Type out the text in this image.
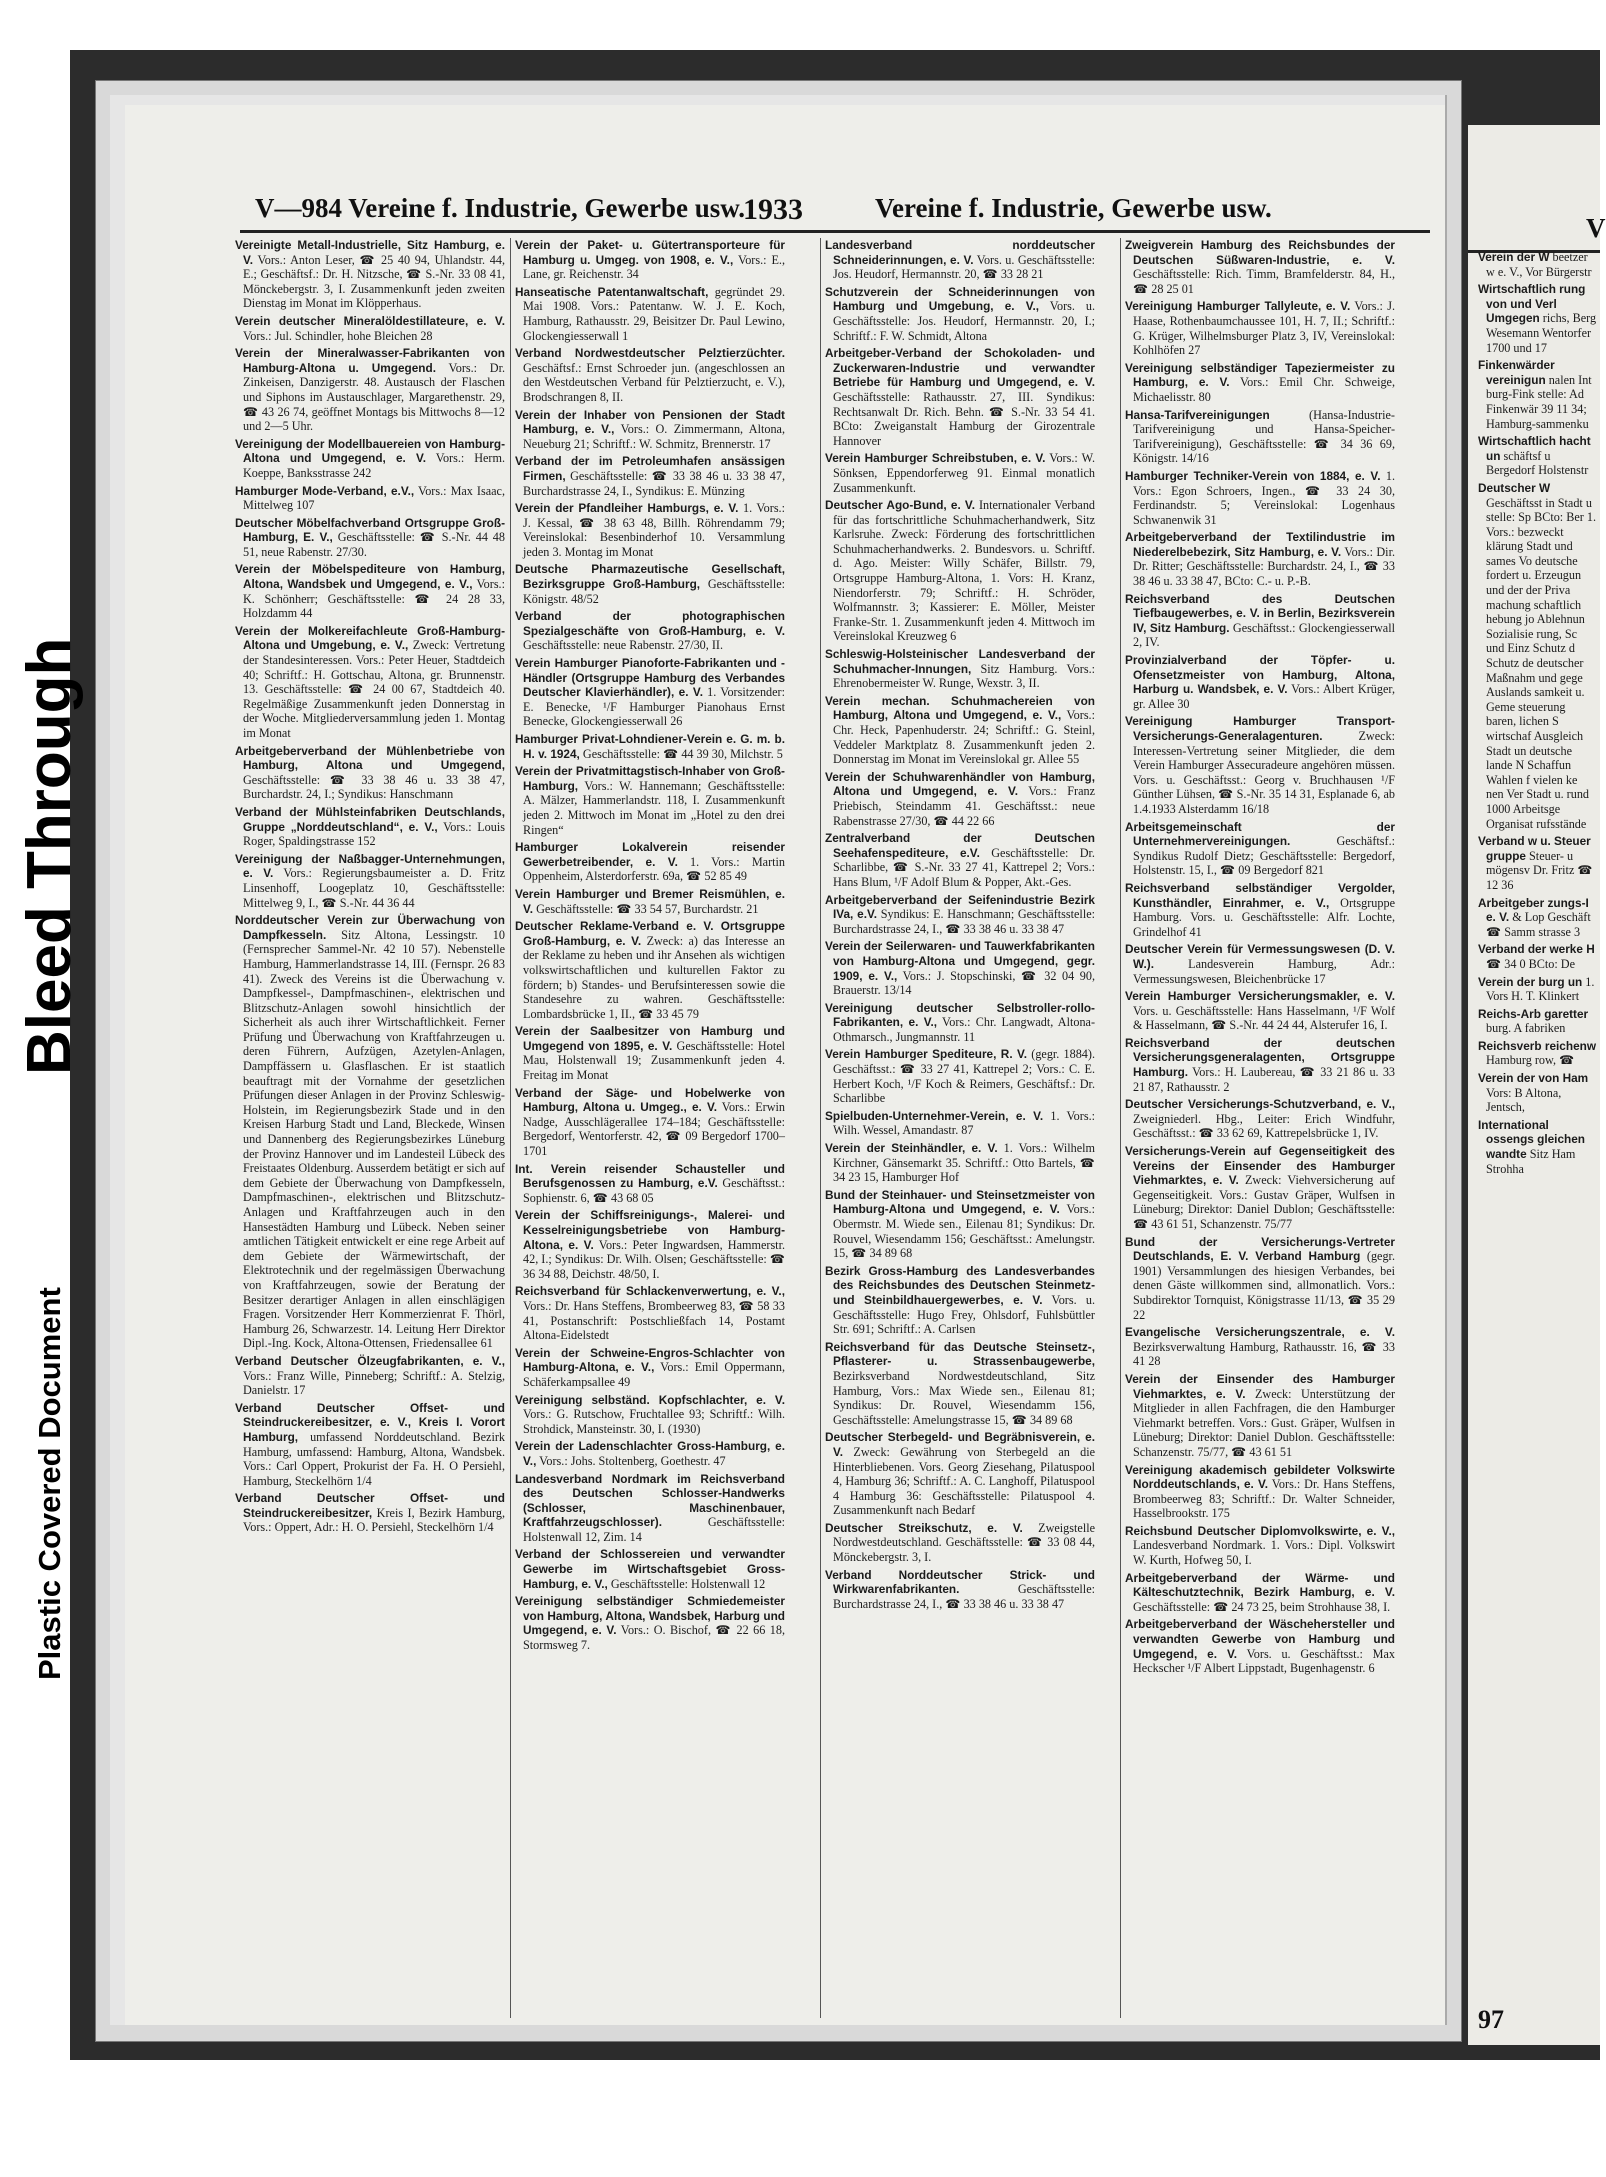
V—984 Vereine f. Industrie, Gewerbe usw.
1933	Vereine f. Industrie, Gewerbe usw.
Vereinigte Metall-Industrielle, Sitz Hamburg, e. V. Vors.: Anton Leser, ☎ 25 40 94, Uhlandstr. 44, E.; Geschäftsf.: Dr. H. Nitzsche, ☎ S.-Nr. 33 08 41, Mönckebergstr. 3, I. Zusammenkunft jeden zweiten Dienstag im Monat im Klöpperhaus.
Verein deutscher Mineralöldestillateure, e. V. Vors.: Jul. Schindler, hohe Bleichen 28
Verein der Mineralwasser-Fabrikanten von Hamburg-Altona u. Umgegend. Vors.: Dr. Zinkeisen, Danzigerstr. 48. Austausch der Flaschen und Siphons im Austauschlager, Margarethenstr. 29, ☎ 43 26 74, geöffnet Montags bis Mittwochs 8—12 und 2—5 Uhr.
Vereinigung der Modellbauereien von Hamburg-Altona und Umgegend, e. V. Vors.: Herm. Koeppe, Banksstrasse 242
Hamburger Mode-Verband, e.V., Vors.: Max Isaac, Mittelweg 107
Deutscher Möbelfachverband Ortsgruppe Groß-Hamburg, E. V., Geschäftsstelle: ☎ S.-Nr. 44 48 51, neue Rabenstr. 27/30.
Verein der Möbelspediteure von Hamburg, Altona, Wandsbek und Umgegend, e. V., Vors.: K. Schönherr; Geschäftsstelle: ☎ 24 28 33, Holzdamm 44
Verein der Molkereifachleute Groß-Hamburg-Altona und Umgebung, e. V., Zweck: Vertretung der Standesinteressen. Vors.: Peter Heuer, Stadtdeich 40; Schriftf.: H. Gottschau, Altona, gr. Brunnenstr. 13. Geschäftsstelle: ☎ 24 00 67, Stadtdeich 40. Regelmäßige Zusammenkunft jeden Donnerstag in der Woche. Mitgliederversammlung jeden 1. Montag im Monat
Arbeitgeberverband der Mühlenbetriebe von Hamburg, Altona und Umgegend, Geschäftsstelle: ☎ 33 38 46 u. 33 38 47, Burchardstr. 24, I.; Syndikus: Hanschmann
Verband der Mühlsteinfabriken Deutschlands, Gruppe „Norddeutschland“, e. V., Vors.: Louis Roger, Spaldingstrasse 152
Vereinigung der Naßbagger-Unternehmungen, e. V. Vors.: Regierungsbaumeister a. D. Fritz Linsenhoff, Loogeplatz 10, Geschäftsstelle: Mittelweg 9, I., ☎ S.-Nr. 44 36 44
Norddeutscher Verein zur Überwachung von Dampfkesseln. Sitz Altona, Lessingstr. 10 (Fernsprecher Sammel-Nr. 42 10 57). Nebenstelle Hamburg, Hammerlandstrasse 14, III. (Fernspr. 26 83 41). Zweck des Vereins ist die Überwachung v. Dampfkessel-, Dampfmaschinen-, elektrischen und Blitzschutz-Anlagen sowohl hinsichtlich der Sicherheit als auch ihrer Wirtschaftlichkeit. Ferner Prüfung und Überwachung von Kraftfahrzeugen u. deren Führern, Aufzügen, Azetylen-Anlagen, Dampffässern u. Glasflaschen. Er ist staatlich beauftragt mit der Vornahme der gesetzlichen Prüfungen dieser Anlagen in der Provinz Schleswig-Holstein, im Regierungsbezirk Stade und in den Kreisen Harburg Stadt und Land, Bleckede, Winsen und Dannenberg des Regierungsbezirkes Lüneburg der Provinz Hannover und im Landesteil Lübeck des Freistaates Oldenburg. Ausserdem betätigt er sich auf dem Gebiete der Überwachung von Dampfkesseln, Dampfmaschinen-, elektrischen und Blitzschutz-Anlagen und Kraftfahrzeugen auch in den Hansestädten Hamburg und Lübeck. Neben seiner amtlichen Tätigkeit entwickelt er eine rege Arbeit auf dem Gebiete der Wärmewirtschaft, der Elektrotechnik und der regelmässigen Überwachung von Kraftfahrzeugen, sowie der Beratung der Besitzer derartiger Anlagen in allen einschlägigen Fragen. Vorsitzender Herr Kommerzienrat F. Thörl, Hamburg 26, Schwarzestr. 14. Leitung Herr Direktor Dipl.-Ing. Kock, Altona-Ottensen, Friedensallee 61
Verband Deutscher Ölzeugfabrikanten, e. V., Vors.: Franz Wille, Pinneberg; Schriftf.: A. Stelzig, Danielstr. 17
Verband Deutscher Offset- und Steindruckereibesitzer, e. V., Kreis I. Vorort Hamburg, umfassend Norddeutschland. Bezirk Hamburg, umfassend: Hamburg, Altona, Wandsbek. Vors.: Carl Oppert, Prokurist der Fa. H. O Persiehl, Hamburg, Steckelhörn 1/4
Verband Deutscher Offset- und Steindruckereibesitzer, Kreis I, Bezirk Hamburg, Vors.: Oppert, Adr.: H. O. Persiehl, Steckelhörn 1/4
Verein der Paket- u. Gütertransporteure für Hamburg u. Umgeg. von 1908, e. V., Vors.: E., Lane, gr. Reichenstr. 34
Hanseatische Patentanwaltschaft, gegründet 29. Mai 1908. Vors.: Patentanw. W. J. E. Koch, Hamburg, Rathausstr. 29, Beisitzer Dr. Paul Lewino, Glockengiesserwall 1
Verband Nordwestdeutscher Pelztierzüchter. Geschäftsf.: Ernst Schroeder jun. (angeschlossen an den Westdeutschen Verband für Pelztierzucht, e. V.), Brodschrangen 8, II.
Verein der Inhaber von Pensionen der Stadt Hamburg, e. V., Vors.: O. Zimmermann, Altona, Neueburg 21; Schriftf.: W. Schmitz, Brennerstr. 17
Verband der im Petroleumhafen ansässigen Firmen, Geschäftsstelle: ☎ 33 38 46 u. 33 38 47, Burchardstrasse 24, I., Syndikus: E. Münzing
Verein der Pfandleiher Hamburgs, e. V. 1. Vors.: J. Kessal, ☎ 38 63 48, Billh. Röhrendamm 79; Vereinslokal: Besenbinderhof 10. Versammlung jeden 3. Montag im Monat
Deutsche Pharmazeutische Gesellschaft, Bezirksgruppe Groß-Hamburg, Geschäftsstelle: Königstr. 48/52
Verband der photographischen Spezialgeschäfte von Groß-Hamburg, e. V. Geschäftsstelle: neue Rabenstr. 27/30, II.
Verein Hamburger Pianoforte-Fabrikanten und -Händler (Ortsgruppe Hamburg des Verbandes Deutscher Klavierhändler), e. V. 1. Vorsitzender: E. Benecke, ¹/F Hamburger Pianohaus Ernst Benecke, Glockengiesserwall 26
Hamburger Privat-Lohndiener-Verein e. G. m. b. H. v. 1924, Geschäftsstelle: ☎ 44 39 30, Milchstr. 5
Verein der Privatmittagstisch-Inhaber von Groß-Hamburg, Vors.: W. Hannemann; Geschäftsstelle: A. Mälzer, Hammerlandstr. 118, I. Zusammenkunft jeden 2. Mittwoch im Monat im „Hotel zu den drei Ringen“
Hamburger Lokalverein reisender Gewerbetreibender, e. V. 1. Vors.: Martin Oppenheim, Alsterdorferstr. 69a, ☎ 52 85 49
Verein Hamburger und Bremer Reismühlen, e. V. Geschäftsstelle: ☎ 33 54 57, Burchardstr. 21
Deutscher Reklame-Verband e. V. Ortsgruppe Groß-Hamburg, e. V. Zweck: a) das Interesse an der Reklame zu heben und ihr Ansehen als wichtigen volkswirtschaftlichen und kulturellen Faktor zu fördern; b) Standes- und Berufsinteressen sowie die Standesehre zu wahren. Geschäftsstelle: Lombardsbrücke 1, II., ☎ 33 45 79
Verein der Saalbesitzer von Hamburg und Umgegend von 1895, e. V. Geschäftsstelle: Hotel Mau, Holstenwall 19; Zusammenkunft jeden 4. Freitag im Monat
Verband der Säge- und Hobelwerke von Hamburg, Altona u. Umgeg., e. V. Vors.: Erwin Nadge, Ausschlägerallee 174–184; Geschäftsstelle: Bergedorf, Wentorferstr. 42, ☎ 09 Bergedorf 1700–1701
Int. Verein reisender Schausteller und Berufsgenossen zu Hamburg, e.V. Geschäftsst.: Sophienstr. 6, ☎ 43 68 05
Verein der Schiffsreinigungs-, Malerei- und Kesselreinigungsbetriebe von Hamburg-Altona, e. V. Vors.: Peter Ingwardsen, Hammerstr. 42, I.; Syndikus: Dr. Wilh. Olsen; Geschäftsstelle: ☎ 36 34 88, Deichstr. 48/50, I.
Reichsverband für Schlackenverwertung, e. V., Vors.: Dr. Hans Steffens, Brombeerweg 83, ☎ 58 33 41, Postanschrift: Postschließfach 14, Postamt Altona-Eidelstedt
Verein der Schweine-Engros-Schlachter von Hamburg-Altona, e. V., Vors.: Emil Oppermann, Schäferkampsallee 49
Vereinigung selbständ. Kopfschlachter, e. V. Vors.: G. Rutschow, Fruchtallee 93; Schriftf.: Wilh. Strohdick, Mansteinstr. 30, I. (1930)
Verein der Ladenschlachter Gross-Hamburg, e. V., Vors.: Johs. Stoltenberg, Goethestr. 47
Landesverband Nordmark im Reichsverband des Deutschen Schlosser-Handwerks (Schlosser, Maschinenbauer, Kraftfahrzeugschlosser).	Geschäftsstelle: Holstenwall 12, Zim. 14
Verband der Schlossereien und verwandter Gewerbe im Wirtschaftsgebiet Gross-Hamburg, e. V., Geschäftsstelle: Holstenwall 12
Vereinigung selbständiger Schmiedemeister von Hamburg, Altona, Wandsbek, Harburg und Umgegend, e. V. Vors.: O. Bischof, ☎ 22 66 18, Stormsweg 7.
Landesverband norddeutscher Schneiderinnungen, e. V. Vors. u. Geschäftsstelle: Jos. Heudorf, Hermannstr. 20, ☎ 33 28 21
Schutzverein der Schneiderinnungen von Hamburg und Umgebung, e. V., Vors. u. Geschäftsstelle: Jos. Heudorf, Hermannstr. 20, I.; Schriftf.: F. W. Schmidt, Altona
Arbeitgeber-Verband der Schokoladen- und Zuckerwaren-Industrie und verwandter Betriebe für Hamburg und Umgegend, e. V. Geschäftsstelle: Rathausstr. 27, III. Syndikus: Rechtsanwalt Dr. Rich. Behn. ☎ S.-Nr. 33 54 41. BCto: Zweiganstalt Hamburg der Girozentrale Hannover
Verein Hamburger Schreibstuben, e. V. Vors.: W. Sönksen, Eppendorferweg 91. Einmal monatlich Zusammenkunft.
Deutscher Ago-Bund, e. V. Internationaler Verband für das fortschrittliche Schuhmacherhandwerk, Sitz Karlsruhe. Zweck: Förderung des fortschrittlichen Schuhmacherhandwerks. 2. Bundesvors. u. Schriftf. d. Ago. Meister: Willy Schäfer, Billstr. 79, Ortsgruppe Hamburg-Altona, 1. Vors: H. Kranz, Niendorferstr. 79; Schriftf.: H. Schröder, Wolfmannstr. 3; Kassierer: E. Möller, Meister Franke-Str. 1. Zusammenkunft jeden 4. Mittwoch im Vereinslokal Kreuzweg 6
Schleswig-Holsteinischer Landesverband der Schuhmacher-Innungen, Sitz Hamburg. Vors.: Ehrenobermeister W. Runge, Wexstr. 3, II.
Verein mechan. Schuhmachereien von Hamburg, Altona und Umgegend, e. V., Vors.: Chr. Heck, Papenhuderstr. 24; Schriftf.: G. Steinl, Veddeler Marktplatz 8. Zusammenkunft jeden 2. Donnerstag im Monat im Vereinslokal gr. Allee 55
Verein der Schuhwarenhändler von Hamburg, Altona und Umgegend, e. V. Vors.: Franz Priebisch, Steindamm 41. Geschäftsst.: neue Rabenstrasse 27/30, ☎ 44 22 66
Zentralverband der Deutschen Seehafenspediteure, e.V. Geschäftsstelle: Dr. Scharlibbe, ☎ S.-Nr. 33 27 41, Kattrepel 2; Vors.: Hans Blum, ¹/F Adolf Blum & Popper, Akt.-Ges.
Arbeitgeberverband der Seifenindustrie Bezirk IVa, e.V. Syndikus: E. Hanschmann; Geschäftsstelle: Burchardstrasse 24, I., ☎ 33 38 46 u. 33 38 47
Verein der Seilerwaren- und Tauwerkfabrikanten von Hamburg-Altona und Umgegend, gegr. 1909, e. V., Vors.: J. Stopschinski, ☎ 32 04 90, Brauerstr. 13/14
Vereinigung deutscher Selbstroller-rollo-Fabrikanten, e. V., Vors.: Chr. Langwadt, Altona-Othmarsch., Jungmannstr. 11
Verein Hamburger Spediteure, R. V. (gegr. 1884). Geschäftsst.: ☎ 33 27 41, Kattrepel 2; Vors.: C. E. Herbert Koch, ¹/F Koch & Reimers, Geschäftsf.: Dr. Scharlibbe
Spielbuden-Unternehmer-Verein, e. V. 1. Vors.: Wilh. Wessel, Amandastr. 87
Verein der Steinhändler, e. V. 1. Vors.: Wilhelm Kirchner, Gänsemarkt 35. Schriftf.: Otto Bartels, ☎ 34 23 15, Hamburger Hof
Bund der Steinhauer- und Steinsetzmeister von Hamburg-Altona und Umgegend, e. V. Vors.: Obermstr. M. Wiede sen., Eilenau 81; Syndikus: Dr. Rouvel, Wiesendamm 156; Geschäftsst.: Amelungstr. 15, ☎ 34 89 68
Bezirk Gross-Hamburg des Landesverbandes des Reichsbundes des Deutschen Steinmetz- und Steinbildhauergewerbes, e. V. Vors. u. Geschäftsstelle: Hugo Frey, Ohlsdorf, Fuhlsbüttler Str. 691; Schriftf.: A. Carlsen
Reichsverband für das Deutsche Steinsetz-, Pflasterer- u. Strassenbaugewerbe, Bezirksverband Nordwestdeutschland, Sitz Hamburg, Vors.: Max Wiede sen., Eilenau 81; Syndikus: Dr. Rouvel, Wiesendamm 156, Geschäftsstelle: Amelungstrasse 15, ☎ 34 89 68
Deutscher Sterbegeld- und Begräbnisverein, e. V. Zweck: Gewährung von Sterbegeld an die Hinterbliebenen. Vors. Georg Ziesehang, Pilatuspool 4, Hamburg 36; Schriftf.: A. C. Langhoff, Pilatuspool 4 Hamburg 36: Geschäftsstelle: Pilatuspool 4. Zusammenkunft nach Bedarf
Deutscher Streikschutz, e. V. Zweigstelle Nordwestdeutschland. Geschäftsstelle: ☎ 33 08 44, Mönckebergstr. 3, I.
Verband Norddeutscher Strick- und Wirkwarenfabrikanten.	Geschäftsstelle: Burchardstrasse 24, I., ☎ 33 38 46 u. 33 38 47
Zweigverein Hamburg des Reichsbundes der Deutschen Süßwaren-Industrie, e. V. Geschäftsstelle: Rich. Timm, Bramfelderstr. 84, H., ☎ 28 25 01
Vereinigung Hamburger Tallyleute, e. V. Vors.: J. Haase, Rothenbaumchaussee 101, H. 7, II.; Schriftf.: G. Krüger, Wilhelmsburger Platz 3, IV, Vereinslokal: Kohlhöfen 27
Vereinigung selbständiger Tapeziermeister zu Hamburg, e. V. Vors.: Emil Chr. Schweige, Michaelisstr. 80
Hansa-Tarifvereinigungen	(Hansa-Industrie-Tarifvereinigung und Hansa-Speicher-Tarifvereinigung), Geschäftsstelle: ☎ 34 36 69, Königstr. 14/16
Hamburger Techniker-Verein von 1884, e. V. 1. Vors.: Egon Schroers, Ingen., ☎ 33 24 30, Ferdinandstr. 5; Vereinslokal: Logenhaus Schwanenwik 31
Arbeitgeberverband der Textilindustrie im Niederelbebezirk, Sitz Hamburg, e. V. Vors.: Dir. Dr. Ritter; Geschäftsstelle: Burchardstr. 24, I., ☎ 33 38 46 u. 33 38 47, BCto: C.- u. P.-B.
Reichsverband des Deutschen Tiefbaugewerbes, e. V. in Berlin, Bezirksverein IV, Sitz Hamburg. Geschäftsst.: Glockengiesserwall 2, IV.
Provinzialverband der Töpfer- u. Ofensetzmeister von Hamburg, Altona, Harburg u. Wandsbek, e. V. Vors.: Albert Krüger, gr. Allee 30
Vereinigung Hamburger Transport-Versicherungs-Generalagenturen.	Zweck: Interessen-Vertretung seiner Mitglieder, die dem Verein Hamburger Assecuradeure angehören müssen. Vors. u. Geschäftsst.: Georg v. Bruchhausen ¹/F Günther Lühsen, ☎ S.-Nr. 35 14 31, Esplanade 6, ab 1.4.1933 Alsterdamm 16/18
Arbeitsgemeinschaft der Unternehmervereinigungen.	Geschäftsf.: Syndikus Rudolf Dietz; Geschäftsstelle: Bergedorf, Holstenstr. 15, I., ☎ 09 Bergedorf 821
Reichsverband selbständiger Vergolder, Kunsthändler, Einrahmer, e. V., Ortsgruppe Hamburg. Vors. u. Geschäftsstelle: Alfr. Lochte, Grindelhof 41
Deutscher Verein für Vermessungswesen (D. V. W.).	Landesverein Hamburg, Adr.: Vermessungswesen, Bleichenbrücke 17
Verein Hamburger Versicherungsmakler, e. V. Vors. u. Geschäftsstelle: Hans Hasselmann, ¹/F Wolf & Hasselmann, ☎ S.-Nr. 44 24 44, Alsterufer 16, I.
Reichsverband der deutschen Versicherungsgeneralagenten, Ortsgruppe Hamburg. Vors.: H. Laubereau, ☎ 33 21 86 u. 33 21 87, Rathausstr. 2
Deutscher Versicherungs-Schutzverband, e. V., Zweigniederl. Hbg., Leiter: Erich Windfuhr, Geschäftsst.: ☎ 33 62 69, Kattrepelsbrücke 1, IV.
Versicherungs-Verein auf Gegenseitigkeit des Vereins der Einsender des Hamburger Viehmarktes, e. V. Zweck: Viehversicherung auf Gegenseitigkeit. Vors.: Gustav Gräper, Wulfsen in Lüneburg; Direktor: Daniel Dublon; Geschäftsstelle: ☎ 43 61 51, Schanzenstr. 75/77
Bund der Versicherungs-Vertreter Deutschlands, E. V. Verband Hamburg (gegr. 1901) Versammlungen des hiesigen Verbandes, bei denen Gäste willkommen sind, allmonatlich. Vors.: Subdirektor Tornquist, Königstrasse 11/13, ☎ 35 29 22
Evangelische Versicherungszentrale, e. V. Bezirksverwaltung Hamburg, Rathausstr. 16, ☎ 33 41 28
Verein der Einsender des Hamburger Viehmarktes, e. V. Zweck: Unterstützung der Mitglieder in allen Fachfragen, die den Hamburger Viehmarkt betreffen. Vors.: Gust. Gräper, Wulfsen in Lüneburg; Direktor: Daniel Dublon. Geschäftsstelle: Schanzenstr. 75/77, ☎ 43 61 51
Vereinigung akademisch gebildeter Volkswirte Norddeutschlands, e. V. Vors.: Dr. Hans Steffens, Brombeerweg 83; Schriftf.: Dr. Walter Schneider, Hasselbrookstr. 175
Reichsbund Deutscher Diplomvolkswirte, e. V., Landesverband Nordmark. 1. Vors.: Dipl. Volkswirt W. Kurth, Hofweg 50, I.
Arbeitgeberverband der Wärme- und Kälteschutztechnik, Bezirk Hamburg, e. V. Geschäftsstelle: ☎ 24 73 25, beim Strohhause 38, I.
Arbeitgeberverband der Wäschehersteller und verwandten Gewerbe von Hamburg und Umgegend, e. V. Vors. u. Geschäftsst.: Max Heckscher ¹/F Albert Lippstadt, Bugenhagenstr. 6
V
Verein der W beetzer w e. V., Vor Bürgerstr
Wirtschaftlich rung von und Verl Umgegen richs, Berg Wesemann Wentorfer 1700 und 17
Finkenwärder vereinigun nalen Int burg-Fink stelle: Ad Finkenwär 39 11 34; Hamburg-sammenku
Wirtschaftlich hacht un schäftsf u Bergedorf Holstenstr
Deutscher W Geschäftsst in Stadt u stelle: Sp BCto: Ber 1. Vors.: bezweckt klärung Stadt und sames Vo deutsche fordert u. Erzeugun und der der Priva machung schaftlich hebung jo Ablehnun Sozialisie rung, Sc und Einz Schutz d Schutz de deutscher Maßnahm und gege Auslands samkeit u. Geme steuerung baren, lichen S wirtschaf Ausgleich Stadt un deutsche lande N Schaffun Wahlen f vielen ke nen Ver Stadt u. rund 1000 Arbeitsge Organisat rufsstände
Verband w u. Steuer gruppe Steuer- u mögensv Dr. Fritz ☎ 12 36
Arbeitgeber zungs-I e. V. & Lop Geschäft ☎ Samm strasse 3
Verband der werke H ☎ 34 0 BCto: De
Verein der burg un 1. Vors H. T. Klinkert
Reichs-Arb garetter burg. A fabriken
Reichsverb reichenw Hamburg row, ☎
Verein der von Ham Vors: B Altona, Jentsch,
International ossengs gleichen wandte Sitz Ham Strohha
97
Bleed Through
Plastic Covered Document
